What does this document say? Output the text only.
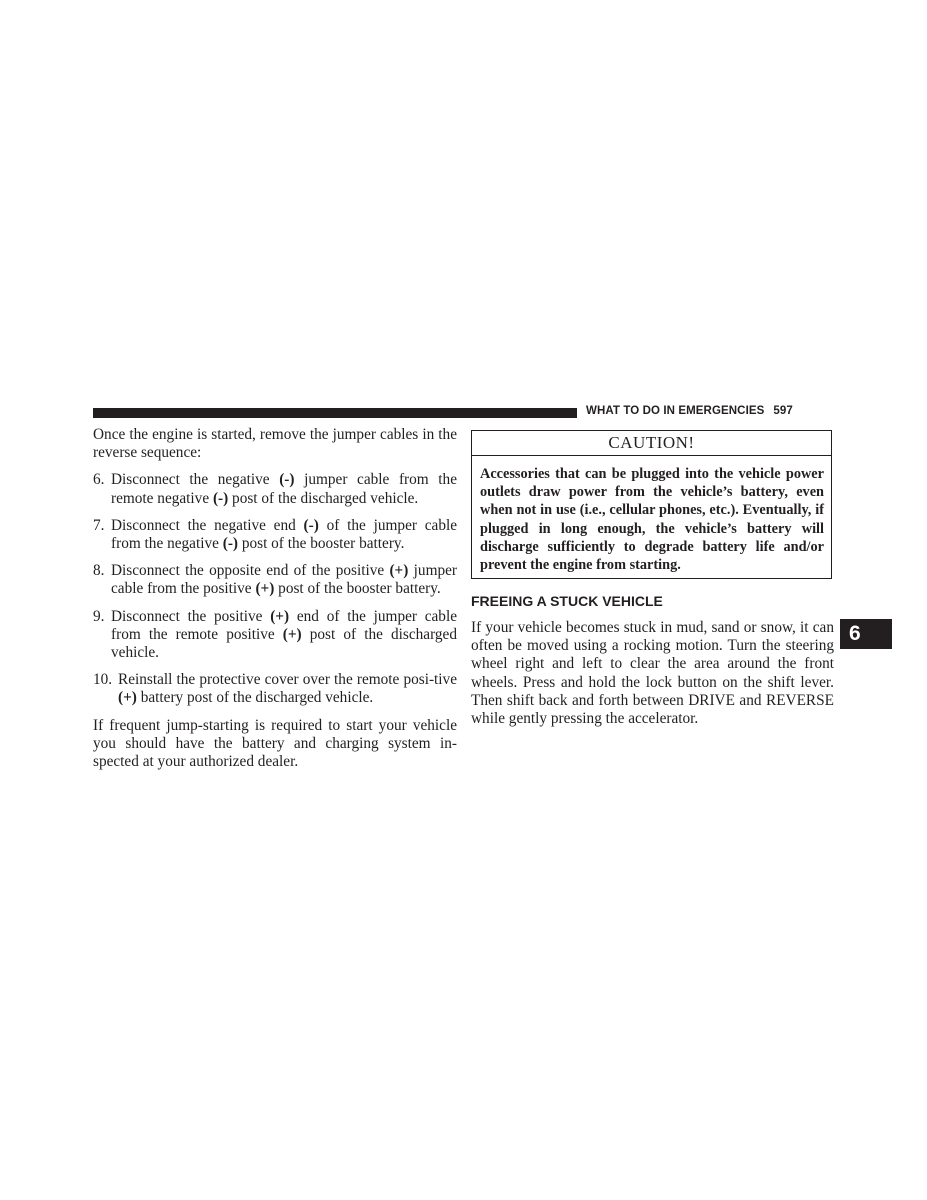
WHAT TO DO IN EMERGENCIES 597

Once the engine is started, remove the jumper cables in the reverse sequence:

6. Disconnect the negative (-) jumper cable from the remote negative (-) post of the discharged vehicle.
7. Disconnect the negative end (-) of the jumper cable from the negative (-) post of the booster battery.
8. Disconnect the opposite end of the positive (+) jumper cable from the positive (+) post of the booster battery.
9. Disconnect the positive (+) end of the jumper cable from the remote positive (+) post of the discharged vehicle.
10. Reinstall the protective cover over the remote posi-tive (+) battery post of the discharged vehicle.

If frequent jump-starting is required to start your vehicle you should have the battery and charging system in-spected at your authorized dealer.

CAUTION!
Accessories that can be plugged into the vehicle power outlets draw power from the vehicle’s battery, even when not in use (i.e., cellular phones, etc.). Eventually, if plugged in long enough, the vehicle’s battery will discharge sufficiently to degrade battery life and/or prevent the engine from starting.
FREEING A STUCK VEHICLE

If your vehicle becomes stuck in mud, sand or snow, it can often be moved using a rocking motion. Turn the steering wheel right and left to clear the area around the front wheels. Press and hold the lock button on the shift lever. Then shift back and forth between DRIVE and REVERSE while gently pressing the accelerator.

6
